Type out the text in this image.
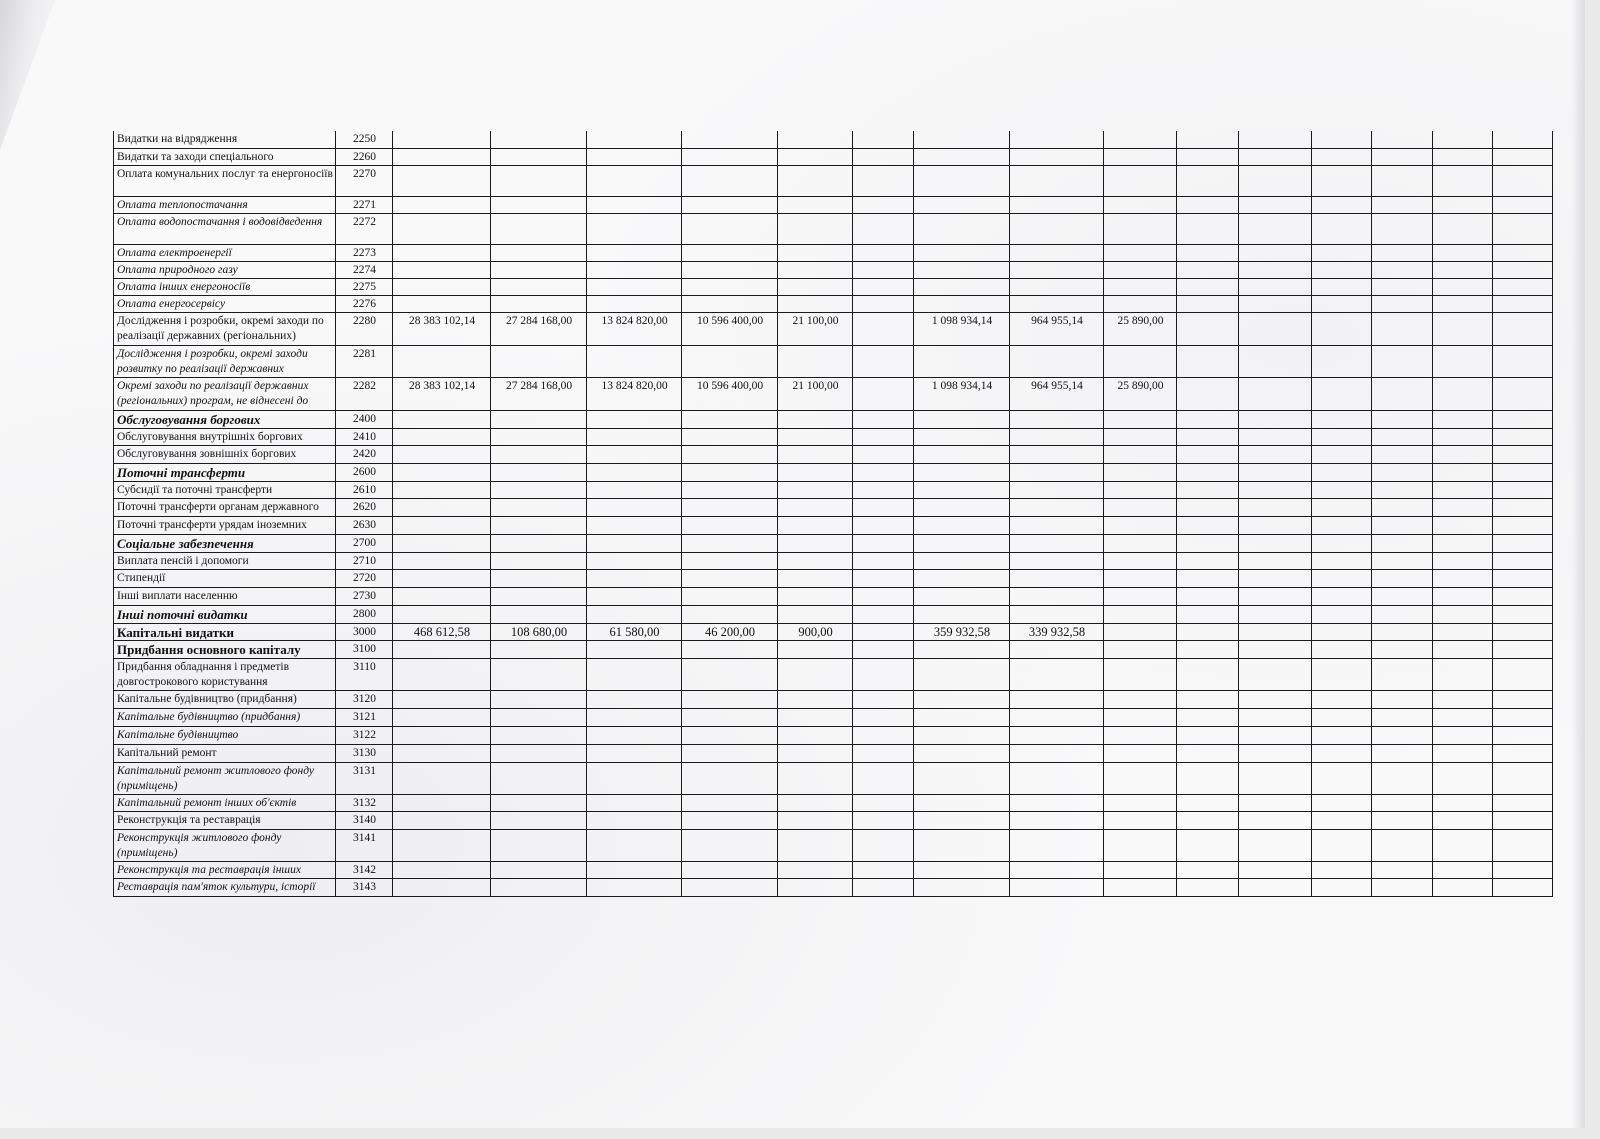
Видатки на відрядження	2250															
Видатки та заходи спеціального	2260															
Оплата комунальних послуг та енергоносіїв	2270															
Оплата теплопостачання	2271															
Оплата водопостачання і водовідведення	2272															
Оплата електроенергії	2273															
Оплата природного газу	2274															
Оплата інших енергоносіїв	2275															
Оплата енергосервісу	2276															
Дослідження і розробки, окремі заходи по реалізації державних (регіональних)	2280	28 383 102,14	27 284 168,00	13 824 820,00	10 596 400,00	21 100,00		1 098 934,14	964 955,14	25 890,00						
Дослідження і розробки, окремі заходи розвитку по реалізації державних	2281															
Окремі заходи по реалізації державних (регіональних) програм, не віднесені до	2282	28 383 102,14	27 284 168,00	13 824 820,00	10 596 400,00	21 100,00		1 098 934,14	964 955,14	25 890,00						
Обслуговування боргових	2400															
Обслуговування внутрішніх боргових	2410															
Обслуговування зовнішніх боргових	2420															
Поточні трансферти	2600															
Субсидії та поточні трансферти	2610															
Поточні трансферти органам державного	2620															
Поточні трансферти урядам іноземних	2630															
Соціальне забезпечення	2700															
Виплата пенсій і допомоги	2710															
Стипендії	2720															
Інші виплати населенню	2730															
Інші поточні видатки	2800															
Капітальні видатки	3000	468 612,58	108 680,00	61 580,00	46 200,00	900,00		359 932,58	339 932,58							
Придбання основного капіталу	3100															
Придбання обладнання і предметів довгострокового користування	3110															
Капітальне будівництво (придбання)	3120															
Капітальне будівництво (придбання)	3121															
Капітальне будівництво	3122															
Капітальний ремонт	3130															
Капітальний ремонт житлового фонду (приміщень)	3131															
Капітальний ремонт інших об'єктів	3132															
Реконструкція та реставрація	3140															
Реконструкція житлового фонду (приміщень)	3141															
Реконструкція та реставрація інших	3142															
Реставрація пам'яток культури, історії	3143															
